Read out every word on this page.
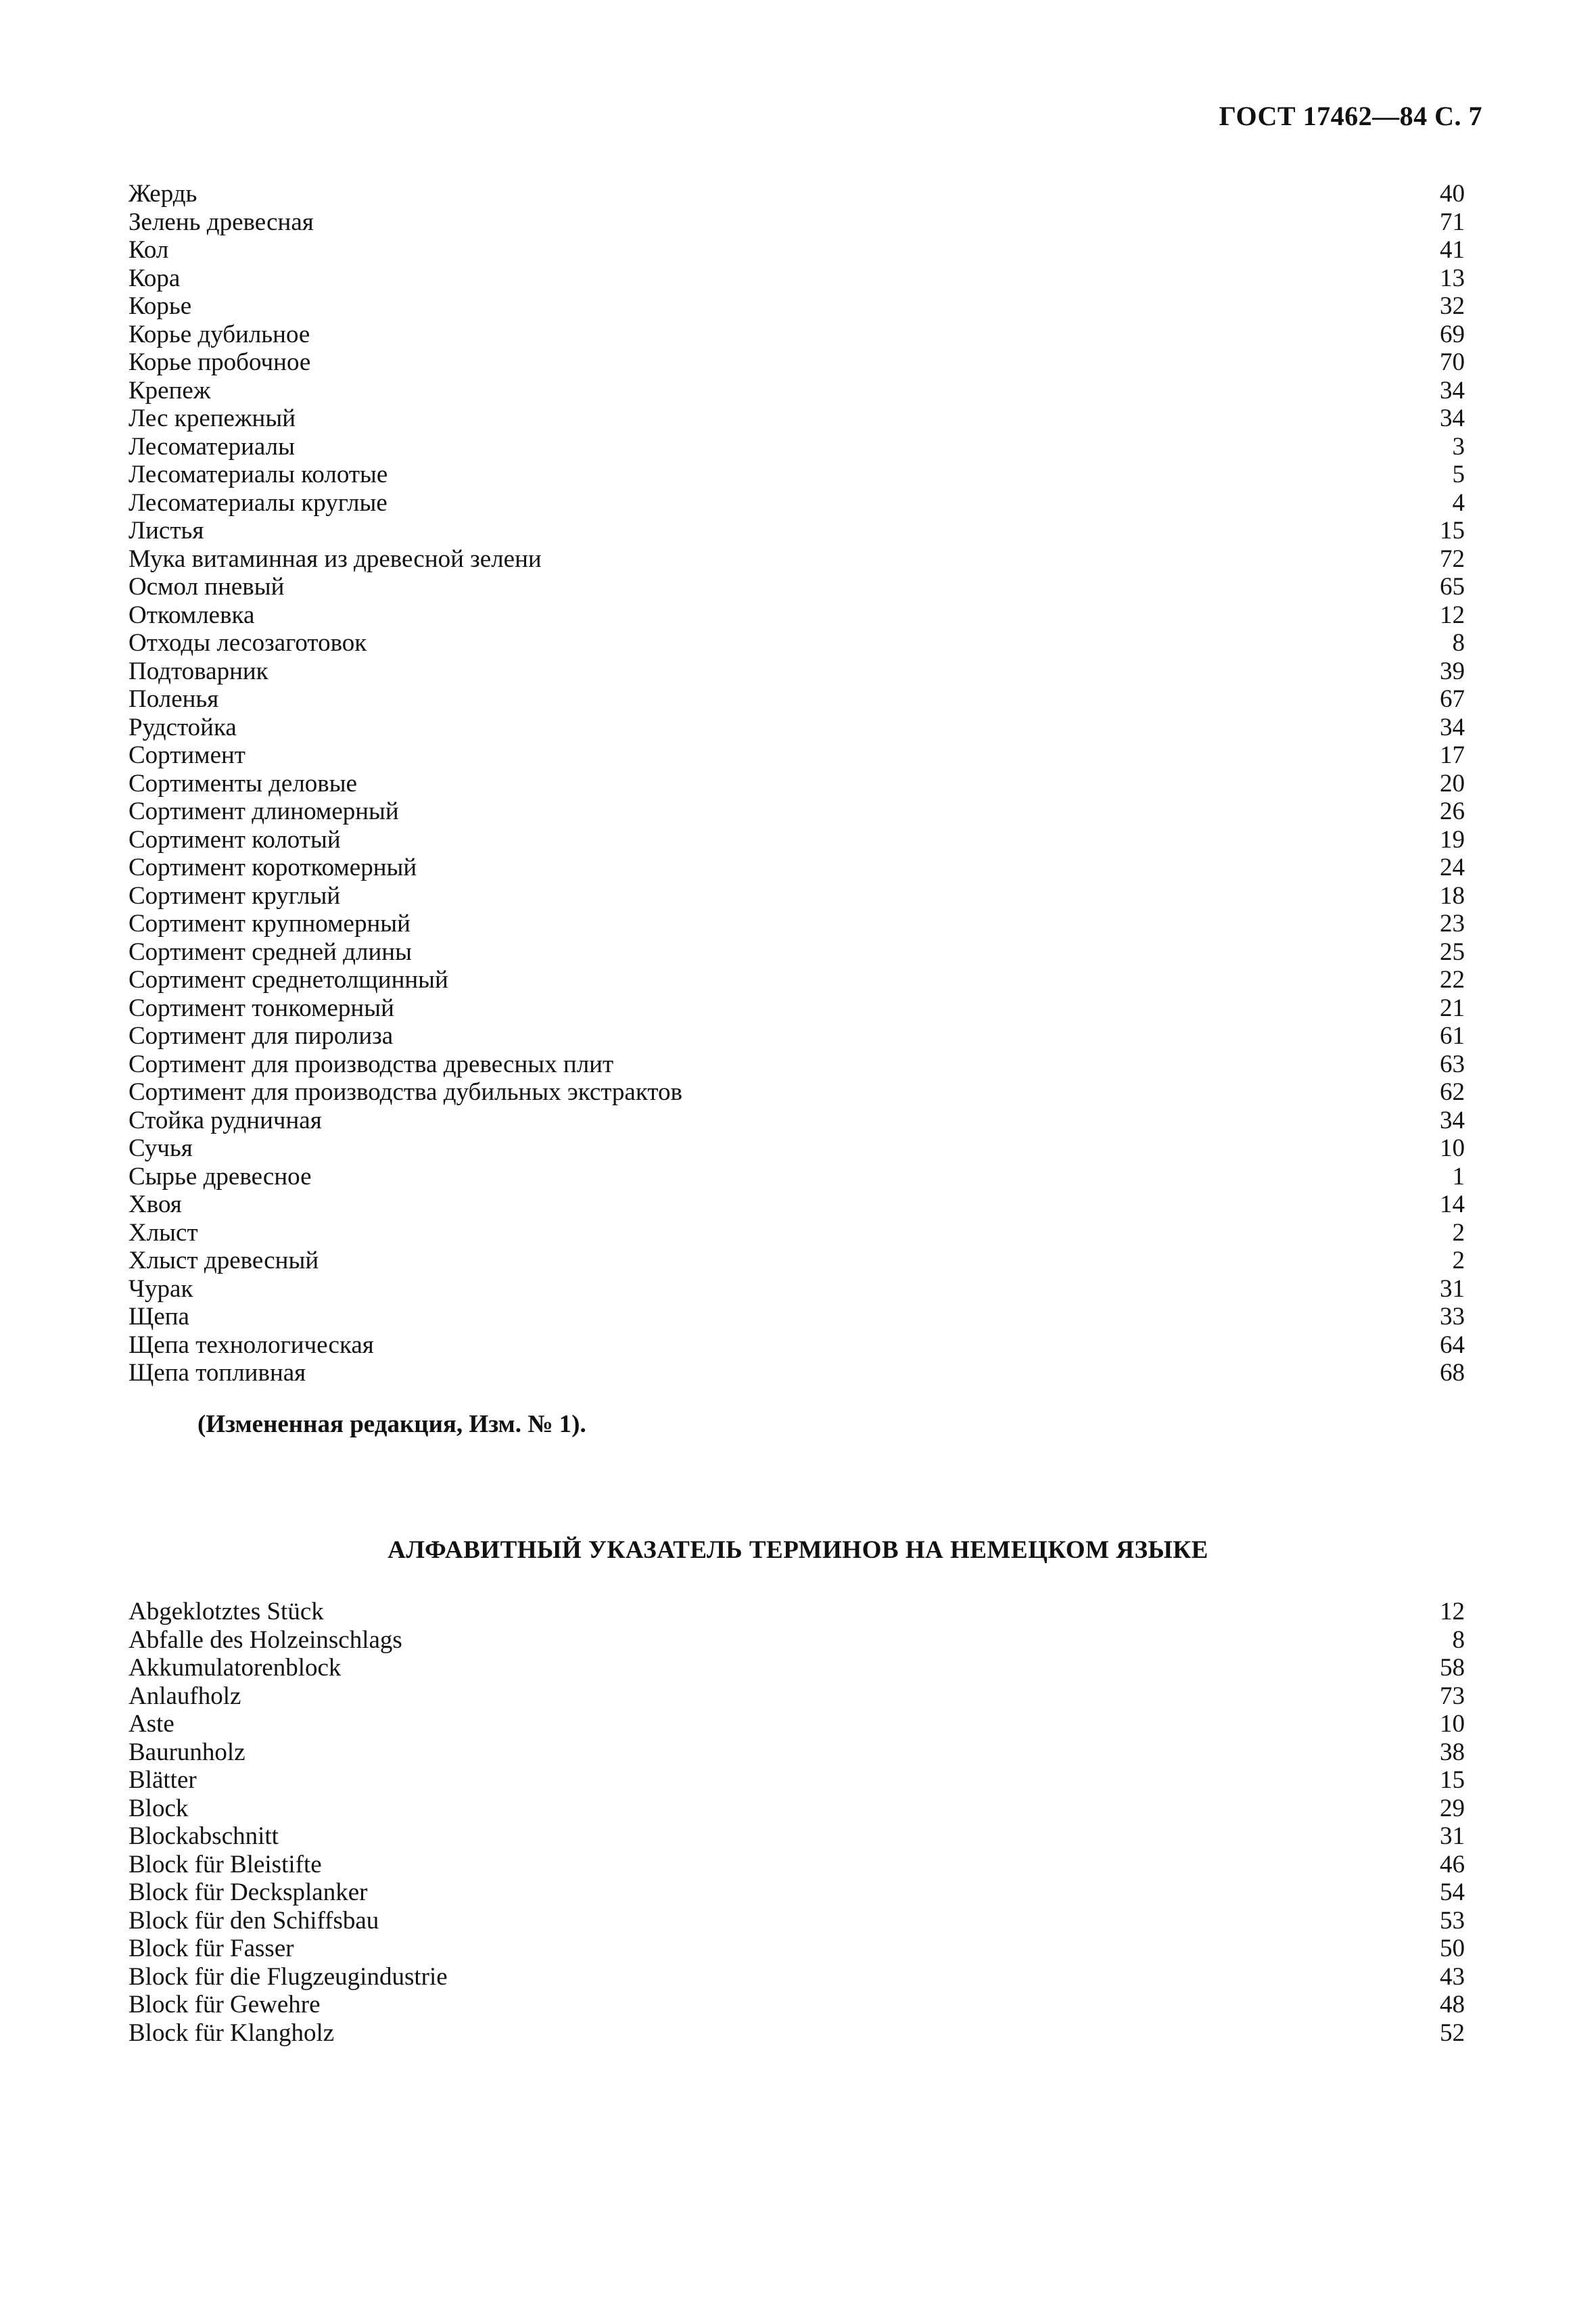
ГОСТ 17462—84 С. 7
Жердь	40
Зелень древесная	71
Кол	41
Кора	13
Корье	32
Корье дубильное	69
Корье пробочное	70
Крепеж	34
Лес крепежный	34
Лесоматериалы	3
Лесоматериалы колотые	5
Лесоматериалы круглые	4
Листья	15
Мука витаминная из древесной зелени	72
Осмол пневый	65
Откомлевка	12
Отходы лесозаготовок	8
Подтоварник	39
Поленья	67
Рудстойка	34
Сортимент	17
Сортименты деловые	20
Сортимент длиномерный	26
Сортимент колотый	19
Сортимент короткомерный	24
Сортимент круглый	18
Сортимент крупномерный	23
Сортимент средней длины	25
Сортимент среднетолщинный	22
Сортимент тонкомерный	21
Сортимент для пиролиза	61
Сортимент для производства древесных плит	63
Сортимент для производства дубильных экстрактов	62
Стойка рудничная	34
Сучья	10
Сырье древесное	1
Хвоя	14
Хлыст	2
Хлыст древесный	2
Чурак	31
Щепа	33
Щепа технологическая	64
Щепа топливная	68
(Измененная редакция, Изм. № 1).
АЛФАВИТНЫЙ УКАЗАТЕЛЬ ТЕРМИНОВ НА НЕМЕЦКОМ ЯЗЫКЕ
Abgeklotztes Stück	12
Abfalle des Holzeinschlags	8
Akkumulatorenblock	58
Anlaufholz	73
Aste	10
Baurunholz	38
Blätter	15
Block	29
Blockabschnitt	31
Block für Bleistifte	46
Block für Decksplanker	54
Block für den Schiffsbau	53
Block für Fasser	50
Block für die Flugzeugindustrie	43
Block für Gewehre	48
Block für Klangholz	52
